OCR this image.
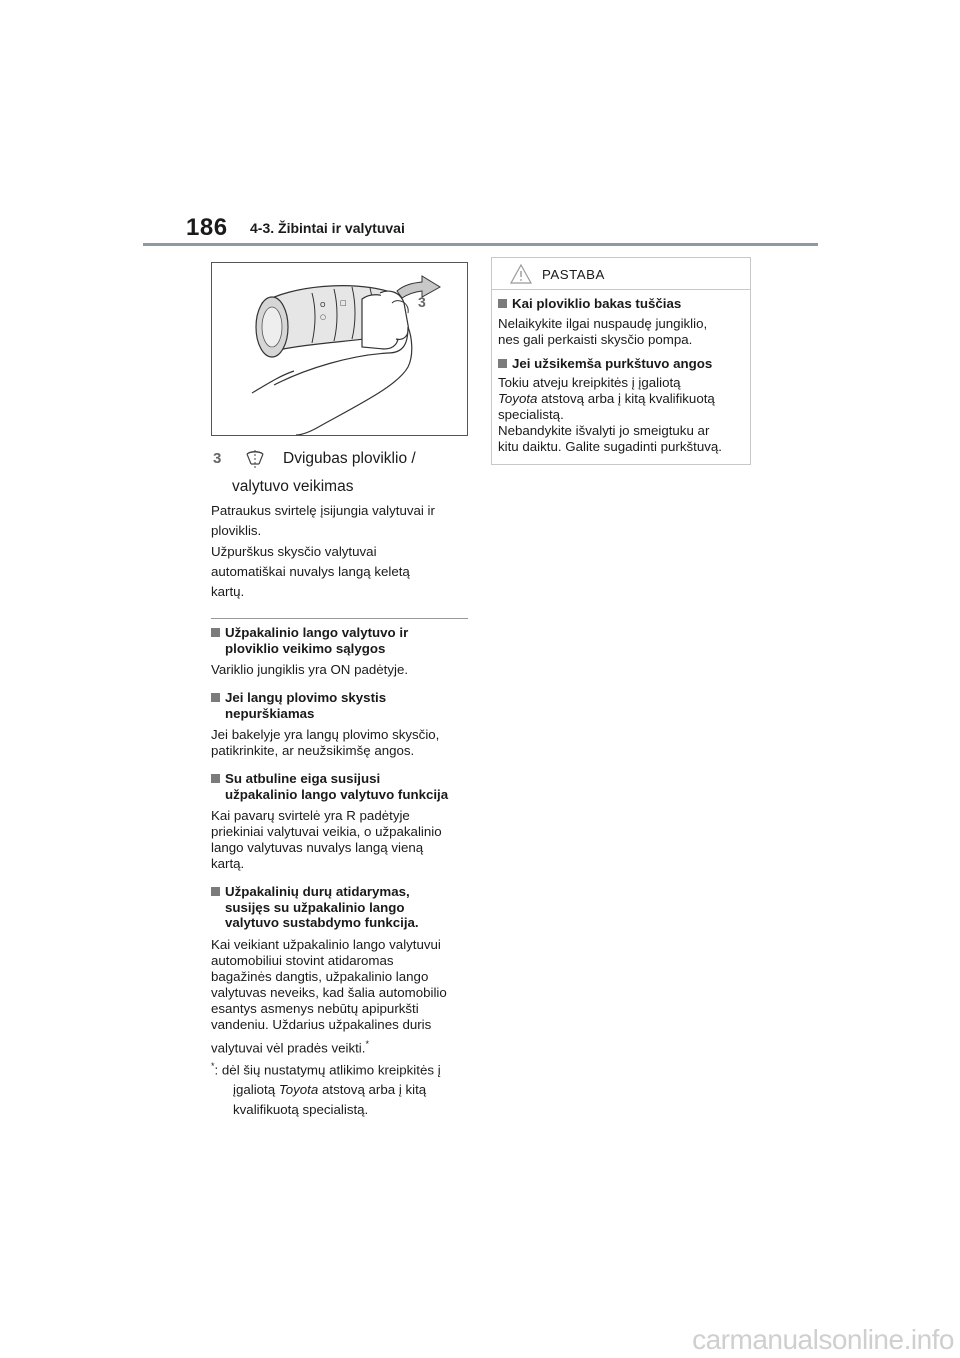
186 4-3. Žibintai ir valytuvai
O
○
□	3
3	Dvigubas ploviklio /
valytuvo veikimas
Patraukus svirtelę įsijungia valytuvai ir
ploviklis.
Užpurškus skysčio valytuvai
automatiškai nuvalys langą keletą
kartų.
Užpakalinio lango valytuvo ir
ploviklio veikimo sąlygos
Variklio jungiklis yra ON padėtyje.
Jei langų plovimo skystis
nepurškiamas
Jei bakelyje yra langų plovimo skysčio,
patikrinkite, ar neužsikimšę angos.
Su atbuline eiga susijusi
užpakalinio lango valytuvo funkcija
Kai pavarų svirtelė yra R padėtyje
priekiniai valytuvai veikia, o užpakalinio
lango valytuvas nuvalys langą vieną
kartą.
Užpakalinių durų atidarymas,
susijęs su užpakalinio lango
valytuvo sustabdymo funkcija.
Kai veikiant užpakalinio lango valytuvui
automobiliui stovint atidaromas
bagažinės dangtis, užpakalinio lango
valytuvas neveiks, kad šalia automobilio
esantys asmenys nebūtų apipurkšti
vandeniu. Uždarius užpakalines duris
valytuvai vėl pradės veikti.*
*: dėl šių nustatymų atlikimo kreipkitės į
įgaliotą Toyota atstovą arba į kitą
kvalifikuotą specialistą.
PASTABA
Kai ploviklio bakas tuščias
Nelaikykite ilgai nuspaudę jungiklio,
nes gali perkaisti skysčio pompa.
Jei užsikemša purkštuvo angos
Tokiu atveju kreipkitės į įgaliotą
Toyota atstovą arba į kitą kvalifikuotą
specialistą.
Nebandykite išvalyti jo smeigtuku ar
kitu daiktu. Galite sugadinti purkštuvą.
carmanualsonline.info
